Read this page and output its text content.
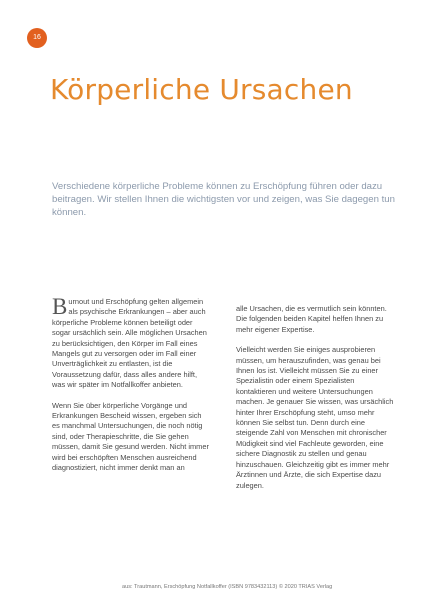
16
Körperliche Ursachen

Verschiedene körperliche Probleme können zu Erschöpfung führen oder dazu beitragen. Wir stellen Ihnen die wichtigsten vor und zeigen, was Sie dagegen tun können.

Burnout und Erschöpfung gelten allgemein als psychische Erkrankungen – aber auch körperliche Probleme können beteiligt oder sogar ursächlich sein. Alle möglichen Ursachen zu berücksichtigen, den Körper im Fall eines Mangels gut zu versorgen oder im Fall einer Unverträglichkeit zu entlasten, ist die Voraussetzung dafür, dass alles andere hilft, was wir später im Notfallkoffer anbieten.

Wenn Sie über körperliche Vorgänge und Erkrankungen Bescheid wissen, ergeben sich es manchmal Untersuchungen, die noch nötig sind, oder Therapieschritte, die Sie gehen müssen, damit Sie gesund werden. Nicht immer wird bei erschöpften Menschen ausreichend diagnostiziert, nicht immer denkt man an

alle Ursachen, die es vermutlich sein könnten. Die folgenden beiden Kapitel helfen Ihnen zu mehr eigener Expertise.

Vielleicht werden Sie einiges ausprobieren müssen, um herauszufinden, was genau bei Ihnen los ist. Vielleicht müssen Sie zu einer Spezialistin oder einem Spezialisten kontaktieren und weitere Untersuchungen machen. Je genauer Sie wissen, was ursächlich hinter Ihrer Erschöpfung steht, umso mehr können Sie selbst tun. Denn durch eine steigende Zahl von Menschen mit chronischer Müdigkeit sind viel Fachleute geworden, eine sichere Diagnostik zu stellen und genau hinzuschauen. Gleichzeitig gibt es immer mehr Ärztinnen und Ärzte, die sich Expertise dazu zulegen.

aus: Trautmann, Erschöpfung Notfallkoffer (ISBN 9783432113) © 2020 TRIAS Verlag
